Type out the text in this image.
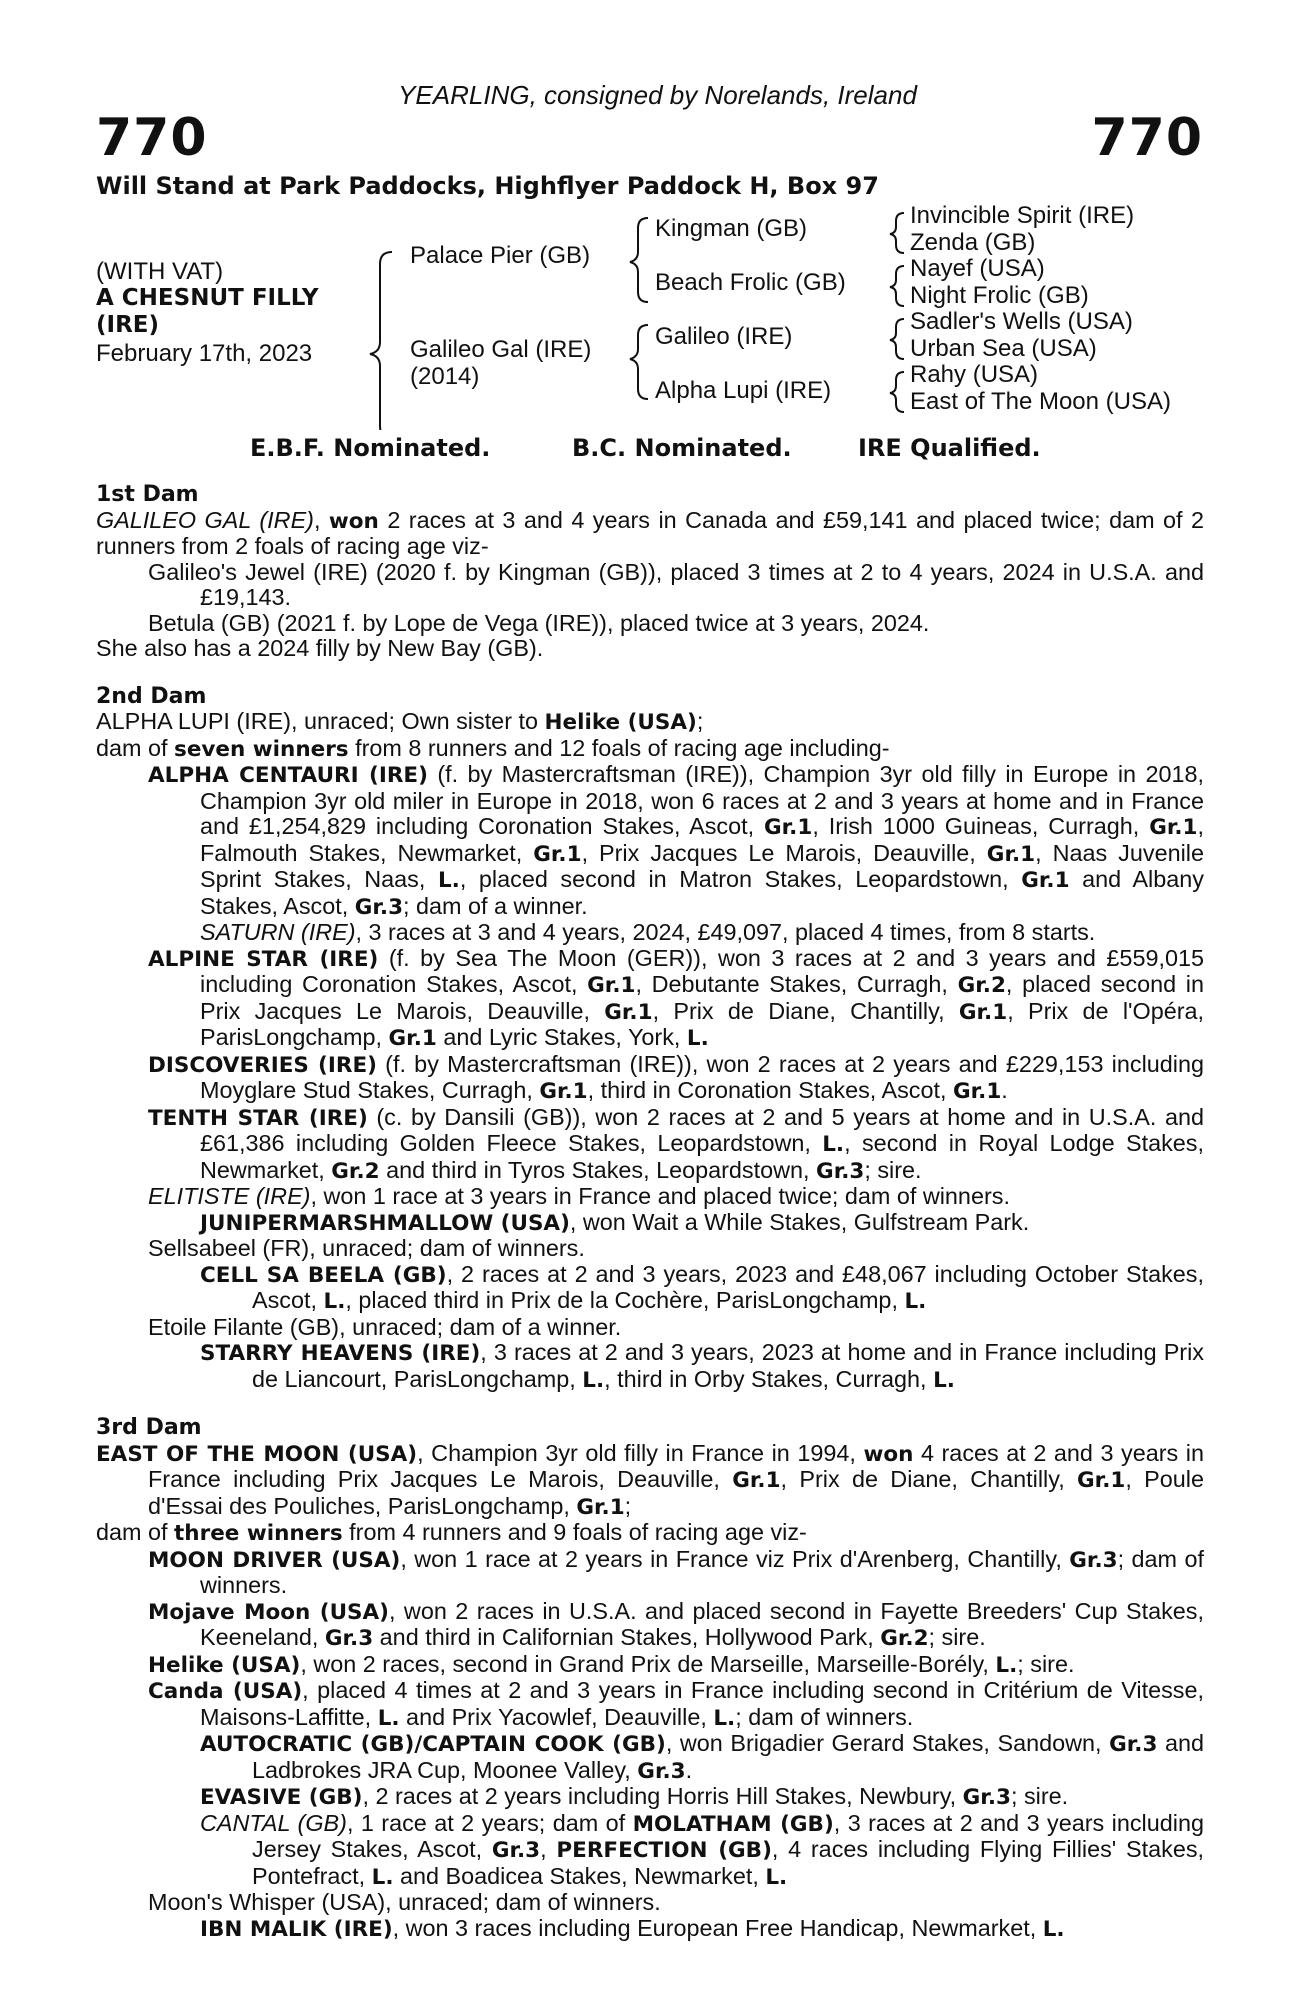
YEARLING, consigned by Norelands, Ireland
770	770
Will Stand at Park Paddocks, Highflyer Paddock H, Box 97
(WITH VAT)
A CHESNUT FILLY
(IRE)
February 17th, 2023
Palace Pier (GB)
Galileo Gal (IRE)
(2014)
Kingman (GB)
Beach Frolic (GB)
Galileo (IRE)
Alpha Lupi (IRE)
Invincible Spirit (IRE)
Zenda (GB)
Nayef (USA)
Night Frolic (GB)
Sadler's Wells (USA)
Urban Sea (USA)
Rahy (USA)
East of The Moon (USA)
E.B.F. Nominated.	B.C. Nominated.	IRE Qualified.
1st Dam
GALILEO GAL (IRE), won 2 races at 3 and 4 years in Canada and £59,141 and placed twice; dam of 2 runners from 2 foals of racing age viz-
Galileo's Jewel (IRE) (2020 f. by Kingman (GB)), placed 3 times at 2 to 4 years, 2024 in U.S.A. and £19,143.
Betula (GB) (2021 f. by Lope de Vega (IRE)), placed twice at 3 years, 2024.
She also has a 2024 filly by New Bay (GB).
2nd Dam
ALPHA LUPI (IRE), unraced; Own sister to Helike (USA);
dam of seven winners from 8 runners and 12 foals of racing age including-
ALPHA CENTAURI (IRE) (f. by Mastercraftsman (IRE)), Champion 3yr old filly in Europe in 2018, Champion 3yr old miler in Europe in 2018, won 6 races at 2 and 3 years at home and in France and £1,254,829 including Coronation Stakes, Ascot, Gr.1, Irish 1000 Guineas, Curragh, Gr.1, Falmouth Stakes, Newmarket, Gr.1, Prix Jacques Le Marois, Deauville, Gr.1, Naas Juvenile Sprint Stakes, Naas, L., placed second in Matron Stakes, Leopardstown, Gr.1 and Albany Stakes, Ascot, Gr.3; dam of a winner.
SATURN (IRE), 3 races at 3 and 4 years, 2024, £49,097, placed 4 times, from 8 starts.
ALPINE STAR (IRE) (f. by Sea The Moon (GER)), won 3 races at 2 and 3 years and £559,015 including Coronation Stakes, Ascot, Gr.1, Debutante Stakes, Curragh, Gr.2, placed second in Prix Jacques Le Marois, Deauville, Gr.1, Prix de Diane, Chantilly, Gr.1, Prix de l'Opéra, ParisLongchamp, Gr.1 and Lyric Stakes, York, L.
DISCOVERIES (IRE) (f. by Mastercraftsman (IRE)), won 2 races at 2 years and £229,153 including Moyglare Stud Stakes, Curragh, Gr.1, third in Coronation Stakes, Ascot, Gr.1.
TENTH STAR (IRE) (c. by Dansili (GB)), won 2 races at 2 and 5 years at home and in U.S.A. and £61,386 including Golden Fleece Stakes, Leopardstown, L., second in Royal Lodge Stakes, Newmarket, Gr.2 and third in Tyros Stakes, Leopardstown, Gr.3; sire.
ELITISTE (IRE), won 1 race at 3 years in France and placed twice; dam of winners.
JUNIPERMARSHMALLOW (USA), won Wait a While Stakes, Gulfstream Park.
Sellsabeel (FR), unraced; dam of winners.
CELL SA BEELA (GB), 2 races at 2 and 3 years, 2023 and £48,067 including October Stakes, Ascot, L., placed third in Prix de la Cochère, ParisLongchamp, L.
Etoile Filante (GB), unraced; dam of a winner.
STARRY HEAVENS (IRE), 3 races at 2 and 3 years, 2023 at home and in France including Prix de Liancourt, ParisLongchamp, L., third in Orby Stakes, Curragh, L.
3rd Dam
EAST OF THE MOON (USA), Champion 3yr old filly in France in 1994, won 4 races at 2 and 3 years in France including Prix Jacques Le Marois, Deauville, Gr.1, Prix de Diane, Chantilly, Gr.1, Poule d'Essai des Pouliches, ParisLongchamp, Gr.1;
dam of three winners from 4 runners and 9 foals of racing age viz-
MOON DRIVER (USA), won 1 race at 2 years in France viz Prix d'Arenberg, Chantilly, Gr.3; dam of winners.
Mojave Moon (USA), won 2 races in U.S.A. and placed second in Fayette Breeders' Cup Stakes, Keeneland, Gr.3 and third in Californian Stakes, Hollywood Park, Gr.2; sire.
Helike (USA), won 2 races, second in Grand Prix de Marseille, Marseille-Borély, L.; sire.
Canda (USA), placed 4 times at 2 and 3 years in France including second in Critérium de Vitesse, Maisons-Laffitte, L. and Prix Yacowlef, Deauville, L.; dam of winners.
AUTOCRATIC (GB)/CAPTAIN COOK (GB), won Brigadier Gerard Stakes, Sandown, Gr.3 and Ladbrokes JRA Cup, Moonee Valley, Gr.3.
EVASIVE (GB), 2 races at 2 years including Horris Hill Stakes, Newbury, Gr.3; sire.
CANTAL (GB), 1 race at 2 years; dam of MOLATHAM (GB), 3 races at 2 and 3 years including Jersey Stakes, Ascot, Gr.3, PERFECTION (GB), 4 races including Flying Fillies' Stakes, Pontefract, L. and Boadicea Stakes, Newmarket, L.
Moon's Whisper (USA), unraced; dam of winners.
IBN MALIK (IRE), won 3 races including European Free Handicap, Newmarket, L.
